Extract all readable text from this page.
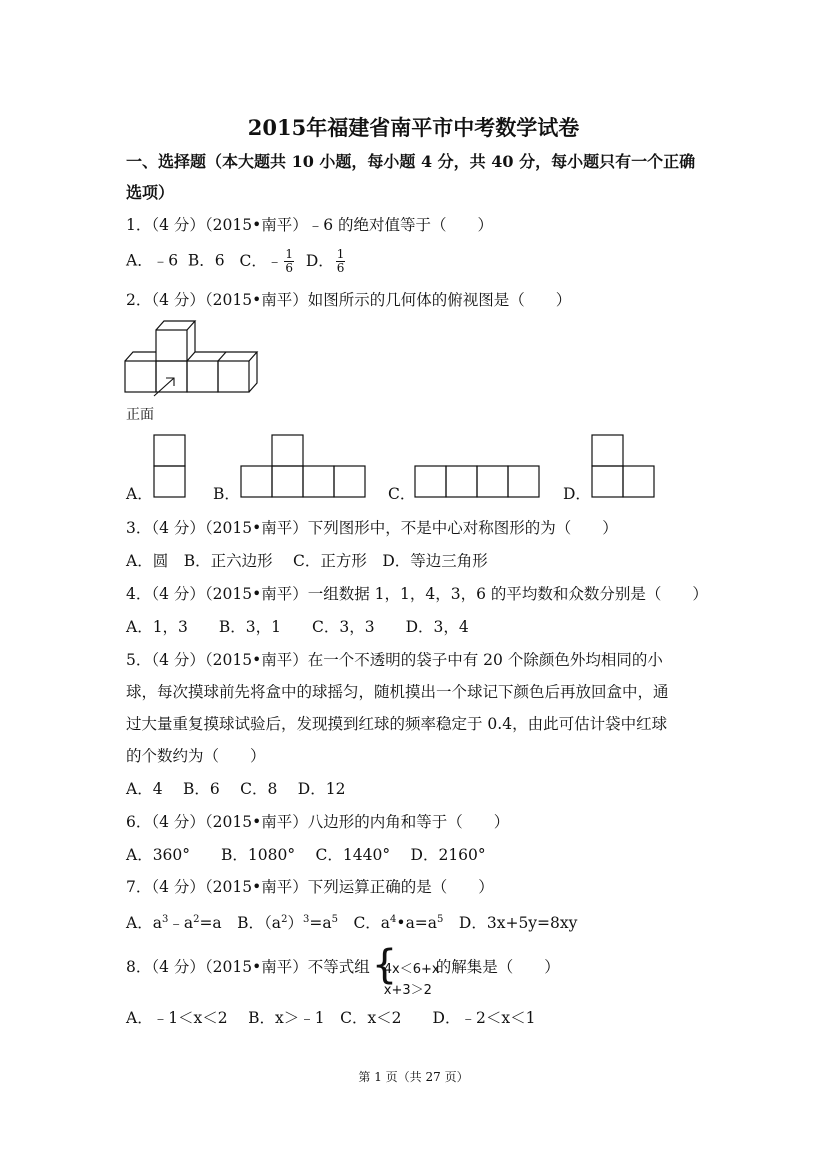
2015年福建省南平市中考数学试卷
一、选择题（本大题共 10 小题，每小题 4 分，共 40 分，每小题只有一个正确
选项）
1．（4 分）（2015•南平）﹣6 的绝对值等于（　　）
A．﹣6 B．6 C．﹣ $\frac{1}{6}$ D． $\frac{1}{6}$
2．（4 分）（2015•南平）如图所示的几何体的俯视图是（　　）
正面
A．	B．	C．	D．
3．（4 分）（2015•南平）下列图形中，不是中心对称图形的为（　　）
A．圆　B．正六边形　 C．正方形　D．等边三角形
4．（4 分）（2015•南平）一组数据 1，1，4，3，6 的平均数和众数分别是（　　）
A．1，3　　B．3，1　　C．3，3　　D．3，4
5．（4 分）（2015•南平）在一个不透明的袋子中有 20 个除颜色外均相同的小
球，每次摸球前先将盒中的球摇匀，随机摸出一个球记下颜色后再放回盒中，通
过大量重复摸球试验后，发现摸到红球的频率稳定于 0.4，由此可估计袋中红球
的个数约为（　　）
A．4　 B．6　 C．8　 D．12
6．（4 分）（2015•南平）八边形的内角和等于（　　）
A．360°　　B．1080°　 C．1440°　 D．2160°
7．（4 分）（2015•南平）下列运算正确的是（　　）
A．$a^3﹣a^2=a$　B．$(a^2)^3=a^5$　C．$a^4•a=a^5$　D．3x+5y=8xy
8．（4 分）（2015•南平）不等式组 {
4x＜6+x
x+3＞2
的解集是（　　）
A．﹣1＜x＜2　 B．x＞﹣1　C．x＜2　　D．﹣2＜x＜1
第 1 页（共 27 页）
